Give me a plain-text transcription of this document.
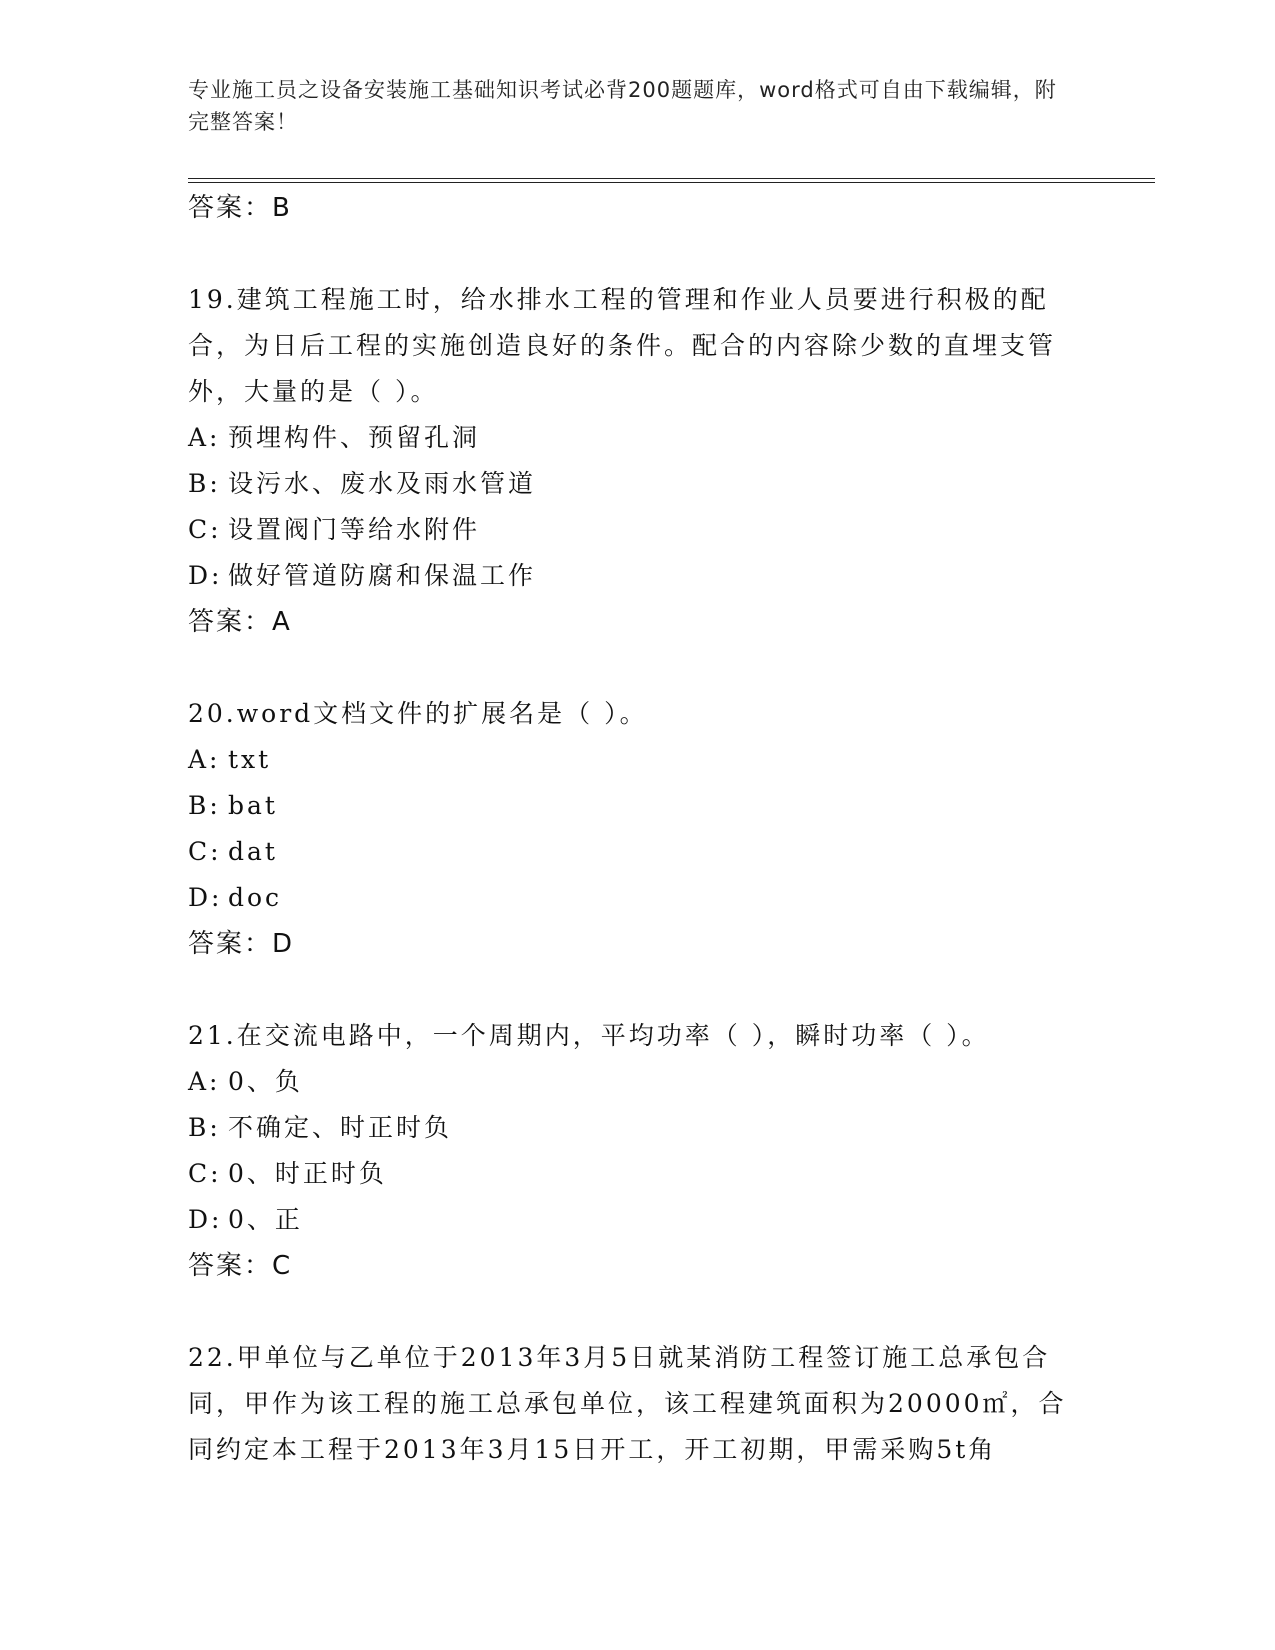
专业施工员之设备安装施工基础知识考试必背200题题库，word格式可自由下载编辑，附完整答案！

答案：B

19.建筑工程施工时，给水排水工程的管理和作业人员要进行积极的配合，为日后工程的实施创造良好的条件。配合的内容除少数的直埋支管外，大量的是（ ）。

A: 预埋构件、预留孔洞

B: 设污水、废水及雨水管道

C: 设置阀门等给水附件

D: 做好管道防腐和保温工作

答案：A

20.word文档文件的扩展名是（ ）。

A: txt

B: bat

C: dat

D: doc

答案：D

21.在交流电路中，一个周期内，平均功率（ ），瞬时功率（ ）。

A: 0、负

B: 不确定、时正时负

C: 0、时正时负

D: 0、正

答案：C

22.甲单位与乙单位于2013年3月5日就某消防工程签订施工总承包合同，甲作为该工程的施工总承包单位，该工程建筑面积为20000㎡，合同约定本工程于2013年3月15日开工，开工初期，甲需采购5t角
